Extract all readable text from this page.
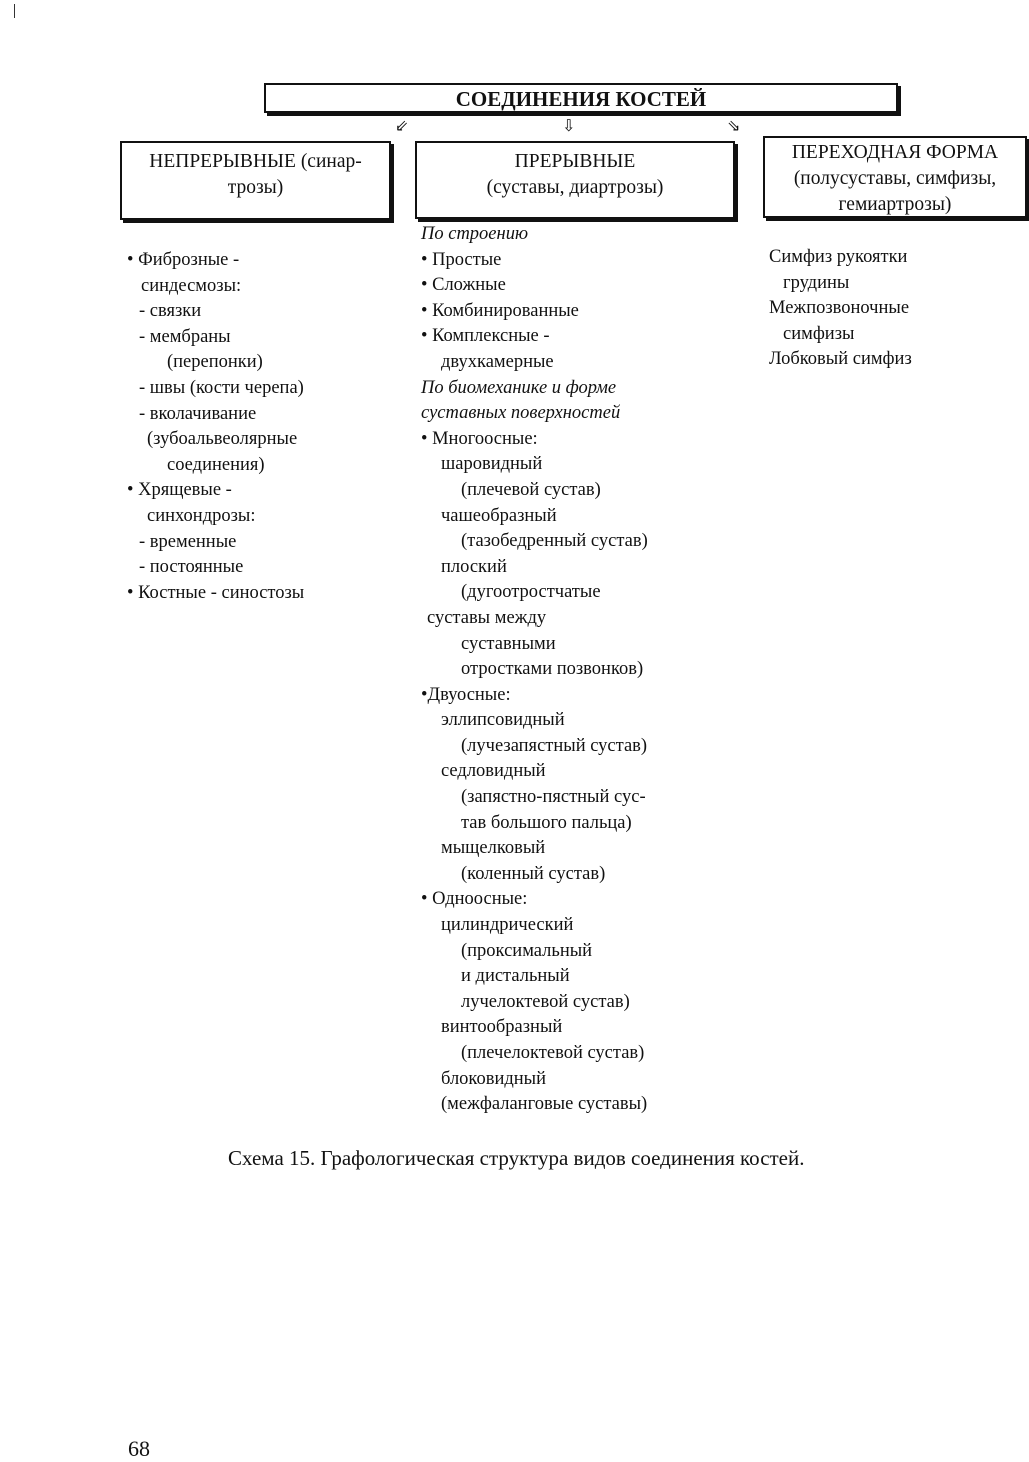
СОЕДИНЕНИЯ КОСТЕЙ
⇙	⇩	⇘
НЕПРЕРЫВНЫЕ (синар-
трозы)
ПРЕРЫВНЫЕ
(суставы, диартрозы)
ПЕРЕХОДНАЯ ФОРМА
(полусуставы, симфизы,
гемиартрозы)
• Фиброзные -
синдесмозы:
- связки
- мембраны
(перепонки)
- швы (кости черепа)
- вколачивание
(зубоальвеолярные
соединения)
• Хрящевые -
синхондрозы:
- временные
- постоянные
• Костные - синостозы
По строению
• Простые
• Сложные
• Комбинированные
• Комплексные -
двухкамерные
По биомеханике и форме
суставных поверхностей
• Многоосные:
шаровидный
(плечевой сустав)
чашеобразный
(тазобедренный сустав)
плоский
(дугоотростчатые
суставы между
суставными
отростками позвонков)
•Двуосные:
эллипсовидный
(лучезапястный сустав)
седловидный
(запястно-пястный сус-
тав большого пальца)
мыщелковый
(коленный сустав)
• Одноосные:
цилиндрический
(проксимальный
и дистальный
лучелоктевой сустав)
винтообразный
(плечелоктевой сустав)
блоковидный
(межфаланговые суставы)
Симфиз рукоятки
грудины
Межпозвоночные
симфизы
Лобковый симфиз
Схема 15. Графологическая структура видов соединения костей.
68
